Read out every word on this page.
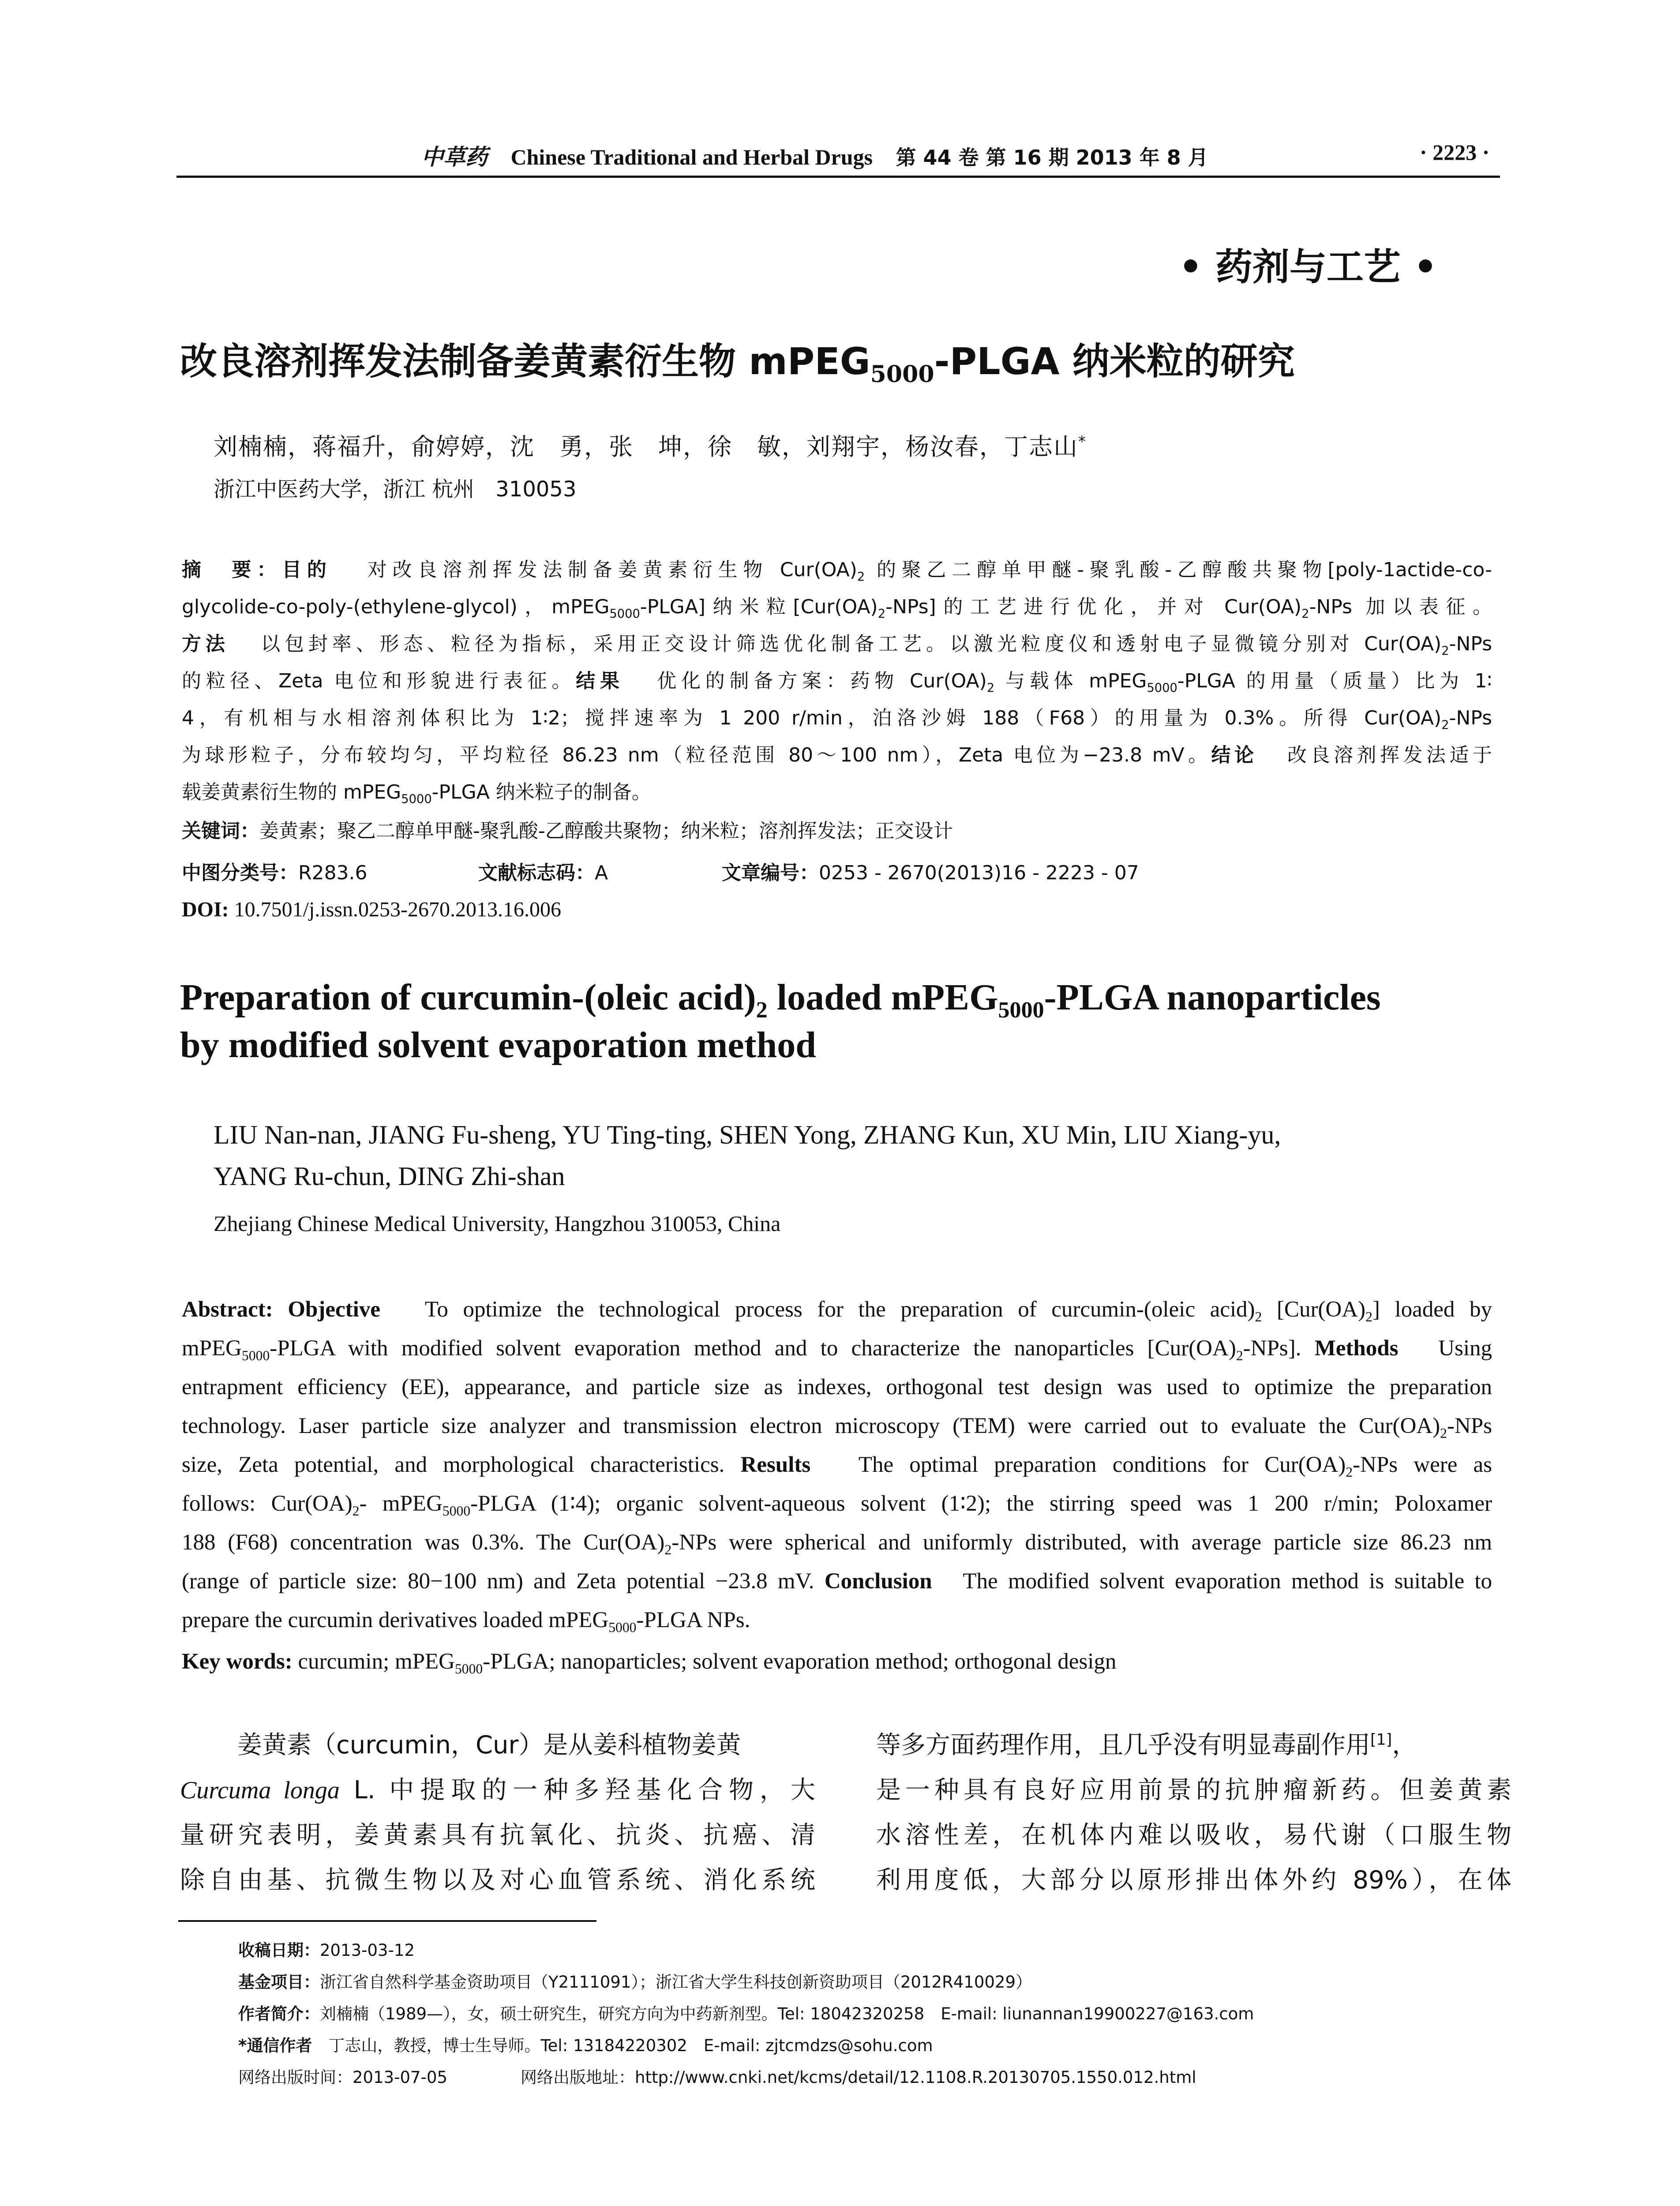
中草药 Chinese Traditional and Herbal Drugs 第 44 卷 第 16 期 2013 年 8 月	· 2223 ·
• 药剂与工艺 •
改良溶剂挥发法制备姜黄素衍生物 mPEG$_{5000}$-PLGA 纳米粒的研究
刘楠楠，蒋福升，俞婷婷，沈　勇，张　坤，徐　敏，刘翔宇，杨汝春，丁志山*
浙江中医药大学，浙江 杭州　310053
摘　要：目的 对改良溶剂挥发法制备姜黄素衍生物 $Cur(OA)_2$ 的聚乙二醇单甲醚-聚乳酸-乙醇酸共聚物[poly-1actide-co-
glycolide-co-poly-(ethylene-glycol)，mPEG$_{5000}$-PLGA]纳米粒$[Cur(OA)_2-NPs]$的工艺进行优化，并对 $Cur(OA)_2$-NPs 加以表征。
方法 以包封率、形态、粒径为指标，采用正交设计筛选优化制备工艺。以激光粒度仪和透射电子显微镜分别对 $Cur(OA)_2$-NPs
的粒径、Zeta 电位和形貌进行表征。结果 优化的制备方案：药物 $Cur(OA)_2$ 与载体 mPEG$_{5000}$-PLGA 的用量（质量）比为 1∶
4，有机相与水相溶剂体积比为 1∶2；搅拌速率为 1 200 r/min，泊洛沙姆 188（F68）的用量为 0.3%。所得 $Cur(OA)_2$-NPs
为球形粒子，分布较均匀，平均粒径 86.23 nm（粒径范围 80～100 nm），Zeta 电位为−23.8 mV。结论 改良溶剂挥发法适于
载姜黄素衍生物的 mPEG$_{5000}$-PLGA 纳米粒子的制备。
关键词：姜黄素；聚乙二醇单甲醚-聚乳酸-乙醇酸共聚物；纳米粒；溶剂挥发法；正交设计
中图分类号：R283.6	文献标志码：A	文章编号：0253 - 2670(2013)16 - 2223 - 07
DOI: 10.7501/j.issn.0253-2670.2013.16.006
Preparation of curcumin-(oleic $acid)_2$ loaded mPEG$_{5000}$-PLGA nanoparticles
by modified solvent evaporation method
LIU Nan-nan, JIANG Fu-sheng, YU Ting-ting, SHEN Yong, ZHANG Kun, XU Min, LIU Xiang-yu,
YANG Ru-chun, DING Zhi-shan
Zhejiang Chinese Medical University, Hangzhou 310053, China
Abstract: Objective To optimize the technological process for the preparation of curcumin-(oleic $acid)_2$ $[Cur(OA)_2]$ loaded by
mPEG$_{5000}$-PLGA with modified solvent evaporation method and to characterize the nanoparticles $[Cur(OA)_2-NPs]$. Methods Using
entrapment efficiency (EE), appearance, and particle size as indexes, orthogonal test design was used to optimize the preparation
technology. Laser particle size analyzer and transmission electron microscopy (TEM) were carried out to evaluate the $Cur(OA)_2$-NPs
size, Zeta potential, and morphological characteristics. Results The optimal preparation conditions for $Cur(OA)_2$-NPs were as
follows: $Cur(OA)_2-$ mPEG$_{5000}$-PLGA (1∶4); organic solvent-aqueous solvent (1∶2); the stirring speed was 1 200 r/min; Poloxamer
188 (F68) concentration was 0.3%. The $Cur(OA)_2$-NPs were spherical and uniformly distributed, with average particle size 86.23 nm
(range of particle size: 80−100 nm) and Zeta potential −23.8 mV. Conclusion The modified solvent evaporation method is suitable to
prepare the curcumin derivatives loaded mPEG$_{5000}$-PLGA NPs.
Key words: curcumin; mPEG$_{5000}$-PLGA; nanoparticles; solvent evaporation method; orthogonal design
姜黄素（curcumin，Cur）是从姜科植物姜黄
Curcuma longa L. 中提取的一种多羟基化合物，大
量研究表明，姜黄素具有抗氧化、抗炎、抗癌、清
除自由基、抗微生物以及对心血管系统、消化系统
等多方面药理作用，且几乎没有明显毒副作用[1]，
是一种具有良好应用前景的抗肿瘤新药。但姜黄素
水溶性差，在机体内难以吸收，易代谢（口服生物
利用度低，大部分以原形排出体外约 89%），在体
收稿日期：2013-03-12
基金项目：浙江省自然科学基金资助项目（Y2111091）；浙江省大学生科技创新资助项目（2012R410029）
作者简介：刘楠楠（1989—），女，硕士研究生，研究方向为中药新剂型。Tel: 18042320258　E-mail: liunannan19900227@163.com
*通信作者　丁志山，教授，博士生导师。Tel: 13184220302　E-mail: zjtcmdzs@sohu.com
网络出版时间：2013-07-05	网络出版地址：http://www.cnki.net/kcms/detail/12.1108.R.20130705.1550.012.html
